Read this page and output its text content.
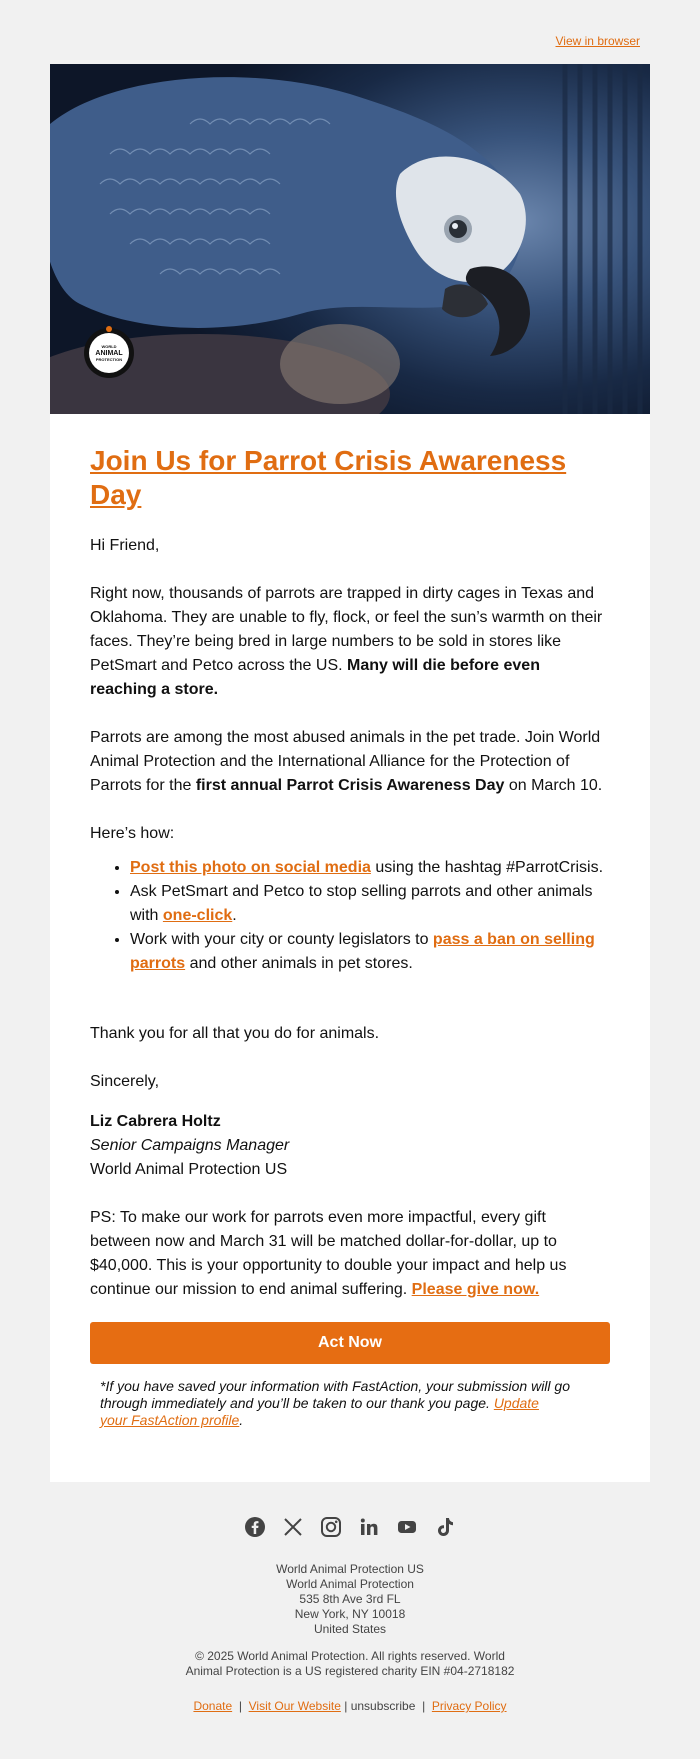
View in browser
WORLD
ANIMAL
PROTECTION
Join Us for Parrot Crisis Awareness Day

Hi Friend,

Right now, thousands of parrots are trapped in dirty cages in Texas and Oklahoma. They are unable to fly, flock, or feel the sun’s warmth on their faces. They’re being bred in large numbers to be sold in stores like PetSmart and Petco across the US. Many will die before even reaching a store.

Parrots are among the most abused animals in the pet trade. Join World Animal Protection and the International Alliance for the Protection of Parrots for the first annual Parrot Crisis Awareness Day on March 10.

Here’s how:

• Post this photo on social media using the hashtag #ParrotCrisis.
• Ask PetSmart and Petco to stop selling parrots and other animals with one-click.
• Work with your city or county legislators to pass a ban on selling parrots and other animals in pet stores.

Thank you for all that you do for animals.

Sincerely,

Liz Cabrera Holtz

Senior Campaigns Manager

World Animal Protection US

PS: To make our work for parrots even more impactful, every gift between now and March 31 will be matched dollar-for-dollar, up to $40,000. This is your opportunity to double your impact and help us continue our mission to end animal suffering. Please give now.

Act Now
*If you have saved your information with FastAction, your submission will go through immediately and you’ll be taken to our thank you page. Update your FastAction profile.
World Animal Protection US
World Animal Protection
535 8th Ave 3rd FL
New York, NY 10018
United States
© 2025 World Animal Protection. All rights reserved. World Animal Protection is a US registered charity EIN #04-2718182
Donate | Visit Our Website | unsubscribe | Privacy Policy
